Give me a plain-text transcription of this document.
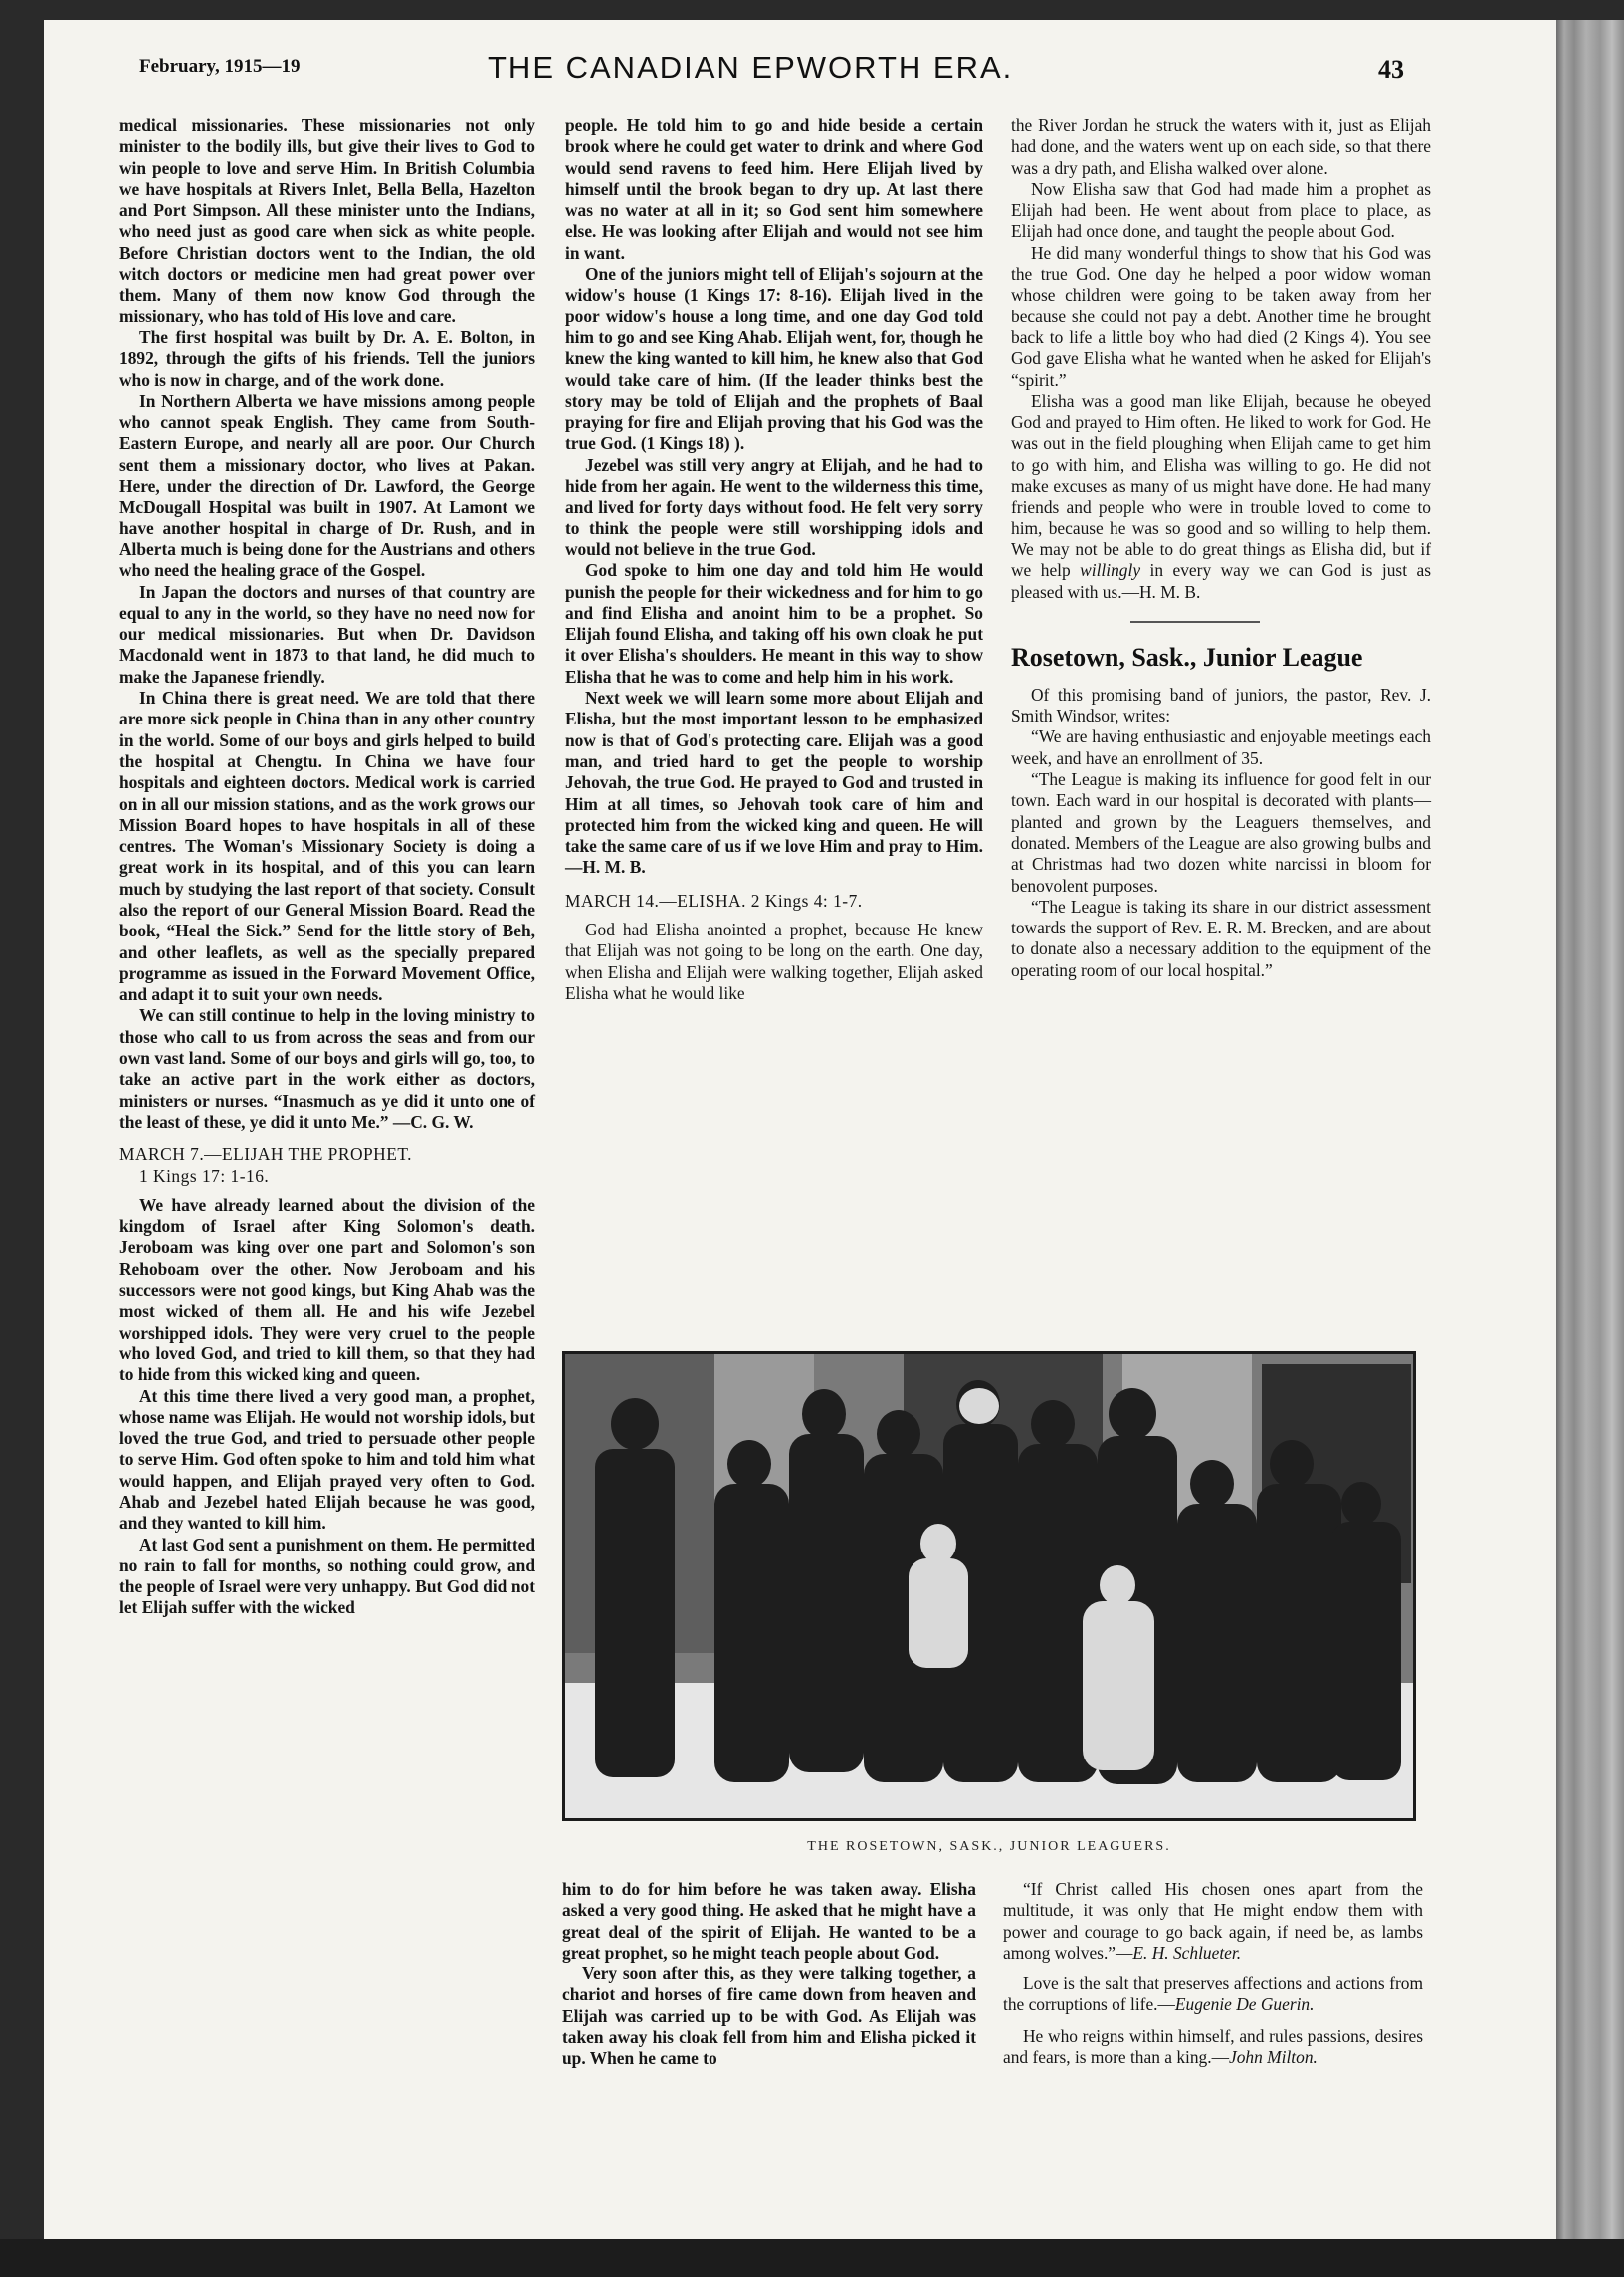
February, 1915—19	THE CANADIAN EPWORTH ERA.	43

medical missionaries. These missionaries not only minister to the bodily ills, but give their lives to God to win people to love and serve Him. In British Columbia we have hospitals at Rivers Inlet, Bella Bella, Hazelton and Port Simpson. All these minister unto the Indians, who need just as good care when sick as white people. Before Christian doctors went to the Indian, the old witch doctors or medicine men had great power over them. Many of them now know God through the missionary, who has told of His love and care.

The first hospital was built by Dr. A. E. Bolton, in 1892, through the gifts of his friends. Tell the juniors who is now in charge, and of the work done.

In Northern Alberta we have missions among people who cannot speak English. They came from South-Eastern Europe, and nearly all are poor. Our Church sent them a missionary doctor, who lives at Pakan. Here, under the direction of Dr. Lawford, the George McDougall Hospital was built in 1907. At Lamont we have another hospital in charge of Dr. Rush, and in Alberta much is being done for the Austrians and others who need the healing grace of the Gospel.

In Japan the doctors and nurses of that country are equal to any in the world, so they have no need now for our medical missionaries. But when Dr. Davidson Macdonald went in 1873 to that land, he did much to make the Japanese friendly.

In China there is great need. We are told that there are more sick people in China than in any other country in the world. Some of our boys and girls helped to build the hospital at Chengtu. In China we have four hospitals and eighteen doctors. Medical work is carried on in all our mission stations, and as the work grows our Mission Board hopes to have hospitals in all of these centres. The Woman's Missionary Society is doing a great work in its hospital, and of this you can learn much by studying the last report of that society. Consult also the report of our General Mission Board. Read the book, “Heal the Sick.” Send for the little story of Beh, and other leaflets, as well as the specially prepared programme as issued in the Forward Movement Office, and adapt it to suit your own needs.

We can still continue to help in the loving ministry to those who call to us from across the seas and from our own vast land. Some of our boys and girls will go, too, to take an active part in the work either as doctors, ministers or nurses. “Inasmuch as ye did it unto one of the least of these, ye did it unto Me.” —C. G. W.

MARCH 7.—ELIJAH THE PROPHET.
1 Kings 17: 1-16.

We have already learned about the division of the kingdom of Israel after King Solomon's death. Jeroboam was king over one part and Solomon's son Rehoboam over the other. Now Jeroboam and his successors were not good kings, but King Ahab was the most wicked of them all. He and his wife Jezebel worshipped idols. They were very cruel to the people who loved God, and tried to kill them, so that they had to hide from this wicked king and queen.

At this time there lived a very good man, a prophet, whose name was Elijah. He would not worship idols, but loved the true God, and tried to persuade other people to serve Him. God often spoke to him and told him what would happen, and Elijah prayed very often to God. Ahab and Jezebel hated Elijah because he was good, and they wanted to kill him.

At last God sent a punishment on them. He permitted no rain to fall for months, so nothing could grow, and the people of Israel were very unhappy. But God did not let Elijah suffer with the wicked

people. He told him to go and hide beside a certain brook where he could get water to drink and where God would send ravens to feed him. Here Elijah lived by himself until the brook began to dry up. At last there was no water at all in it; so God sent him somewhere else. He was looking after Elijah and would not see him in want.

One of the juniors might tell of Elijah's sojourn at the widow's house (1 Kings 17: 8-16). Elijah lived in the poor widow's house a long time, and one day God told him to go and see King Ahab. Elijah went, for, though he knew the king wanted to kill him, he knew also that God would take care of him. (If the leader thinks best the story may be told of Elijah and the prophets of Baal praying for fire and Elijah proving that his God was the true God. (1 Kings 18) ).

Jezebel was still very angry at Elijah, and he had to hide from her again. He went to the wilderness this time, and lived for forty days without food. He felt very sorry to think the people were still worshipping idols and would not believe in the true God.

God spoke to him one day and told him He would punish the people for their wickedness and for him to go and find Elisha and anoint him to be a prophet. So Elijah found Elisha, and taking off his own cloak he put it over Elisha's shoulders. He meant in this way to show Elisha that he was to come and help him in his work.

Next week we will learn some more about Elijah and Elisha, but the most important lesson to be emphasized now is that of God's protecting care. Elijah was a good man, and tried hard to get the people to worship Jehovah, the true God. He prayed to God and trusted in Him at all times, so Jehovah took care of him and protected him from the wicked king and queen. He will take the same care of us if we love Him and pray to Him.—H. M. B.

MARCH 14.—ELISHA. 2 Kings 4: 1-7.

God had Elisha anointed a prophet, because He knew that Elijah was not going to be long on the earth. One day, when Elisha and Elijah were walking together, Elijah asked Elisha what he would like

the River Jordan he struck the waters with it, just as Elijah had done, and the waters went up on each side, so that there was a dry path, and Elisha walked over alone.

Now Elisha saw that God had made him a prophet as Elijah had been. He went about from place to place, as Elijah had once done, and taught the people about God.

He did many wonderful things to show that his God was the true God. One day he helped a poor widow woman whose children were going to be taken away from her because she could not pay a debt. Another time he brought back to life a little boy who had died (2 Kings 4). You see God gave Elisha what he wanted when he asked for Elijah's “spirit.”

Elisha was a good man like Elijah, because he obeyed God and prayed to Him often. He liked to work for God. He was out in the field ploughing when Elijah came to get him to go with him, and Elisha was willing to go. He did not make excuses as many of us might have done. He had many friends and people who were in trouble loved to come to him, because he was so good and so willing to help them. We may not be able to do great things as Elisha did, but if we help willingly in every way we can God is just as pleased with us.—H. M. B.

Rosetown, Sask., Junior League

Of this promising band of juniors, the pastor, Rev. J. Smith Windsor, writes:

“We are having enthusiastic and enjoyable meetings each week, and have an enrollment of 35.

“The League is making its influence for good felt in our town. Each ward in our hospital is decorated with plants—planted and grown by the Leaguers themselves, and donated. Members of the League are also growing bulbs and at Christmas had two dozen white narcissi in bloom for benovolent purposes.

“The League is taking its share in our district assessment towards the support of Rev. E. R. M. Brecken, and are about to donate also a necessary addition to the equipment of the operating room of our local hospital.”

THE ROSETOWN, SASK., JUNIOR LEAGUERS.

him to do for him before he was taken away. Elisha asked a very good thing. He asked that he might have a great deal of the spirit of Elijah. He wanted to be a great prophet, so he might teach people about God.

Very soon after this, as they were talking together, a chariot and horses of fire came down from heaven and Elijah was carried up to be with God. As Elijah was taken away his cloak fell from him and Elisha picked it up. When he came to

“If Christ called His chosen ones apart from the multitude, it was only that He might endow them with power and courage to go back again, if need be, as lambs among wolves.”—E. H. Schlueter.

Love is the salt that preserves affections and actions from the corruptions of life.—Eugenie De Guerin.

He who reigns within himself, and rules passions, desires and fears, is more than a king.—John Milton.
